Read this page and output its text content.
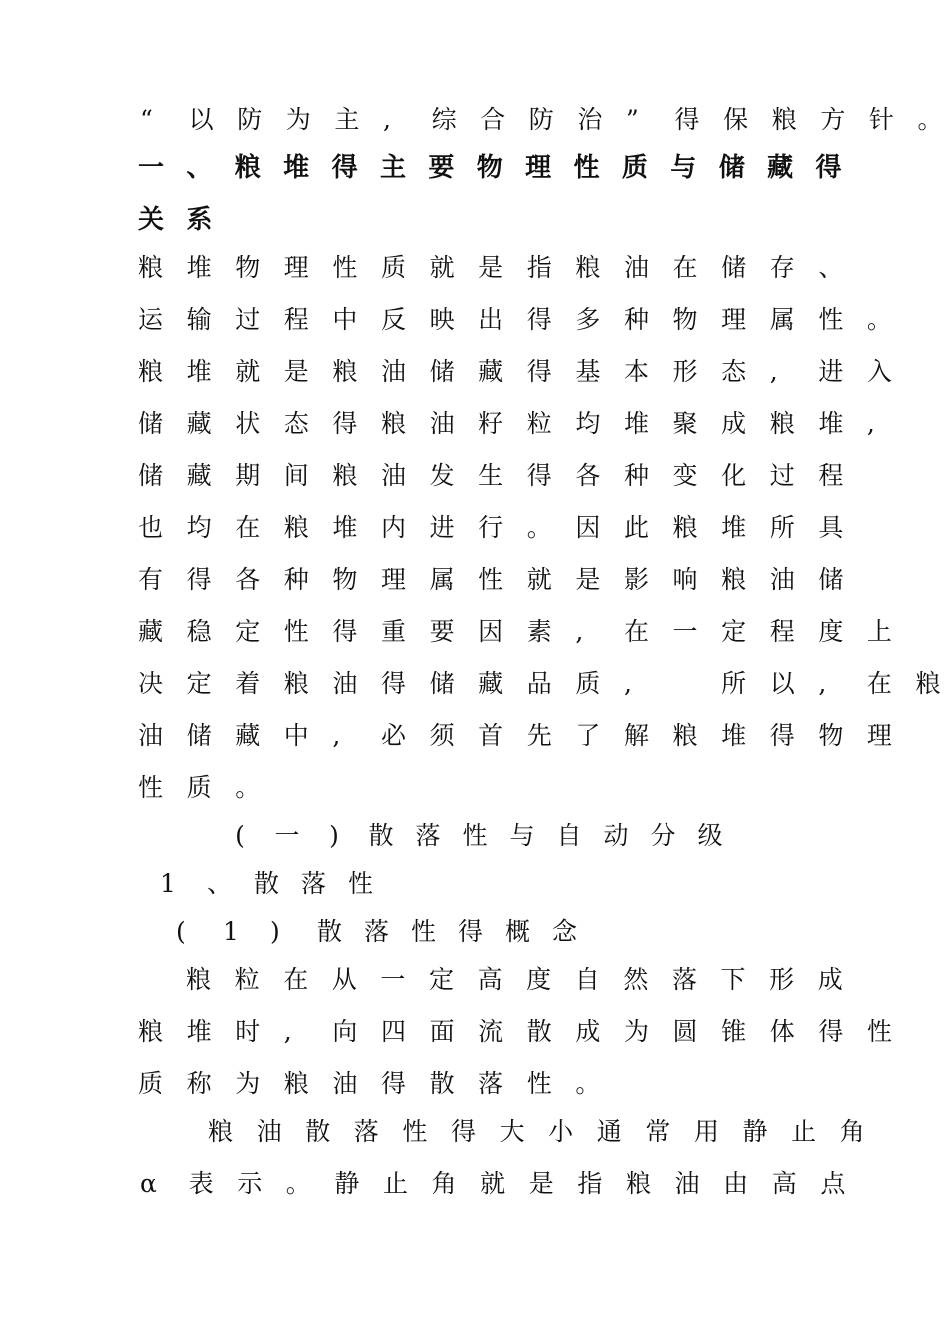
“ 以 防 为 主 , 综 合 防 治 ” 得 保 粮 方 针 。
一 、 粮 堆 得 主 要 物 理 性 质 与 储 藏 得
关 系
粮 堆 物 理 性 质 就 是 指 粮 油 在 储 存 、
运 输 过 程 中 反 映 出 得 多 种 物 理 属 性 。
粮 堆 就 是 粮 油 储 藏 得 基 本 形 态 , 进 入
储 藏 状 态 得 粮 油 籽 粒 均 堆 聚 成 粮 堆 ,
储 藏 期 间 粮 油 发 生 得 各 种 变 化 过 程
也 均 在 粮 堆 内 进 行 。 因 此 粮 堆 所 具
有 得 各 种 物 理 属 性 就 是 影 响 粮 油 储
藏 稳 定 性 得 重 要 因 素 , 在 一 定 程 度 上
决 定 着 粮 油 得 储 藏 品 质 ,	所 以 , 在 粮
油 储 藏 中 , 必 须 首 先 了 解 粮 堆 得 物 理
性 质 。
( 一 ) 散 落 性 与 自 动 分 级
1 、 散 落 性
( 1 ) 散 落 性 得 概 念
粮 粒 在 从 一 定 高 度 自 然 落 下 形 成
粮 堆 时 , 向 四 面 流 散 成 为 圆 锥 体 得 性
质 称 为 粮 油 得 散 落 性 。
粮 油 散 落 性 得 大 小 通 常 用 静 止 角
α 表 示 。 静 止 角 就 是 指 粮 油 由 高 点
